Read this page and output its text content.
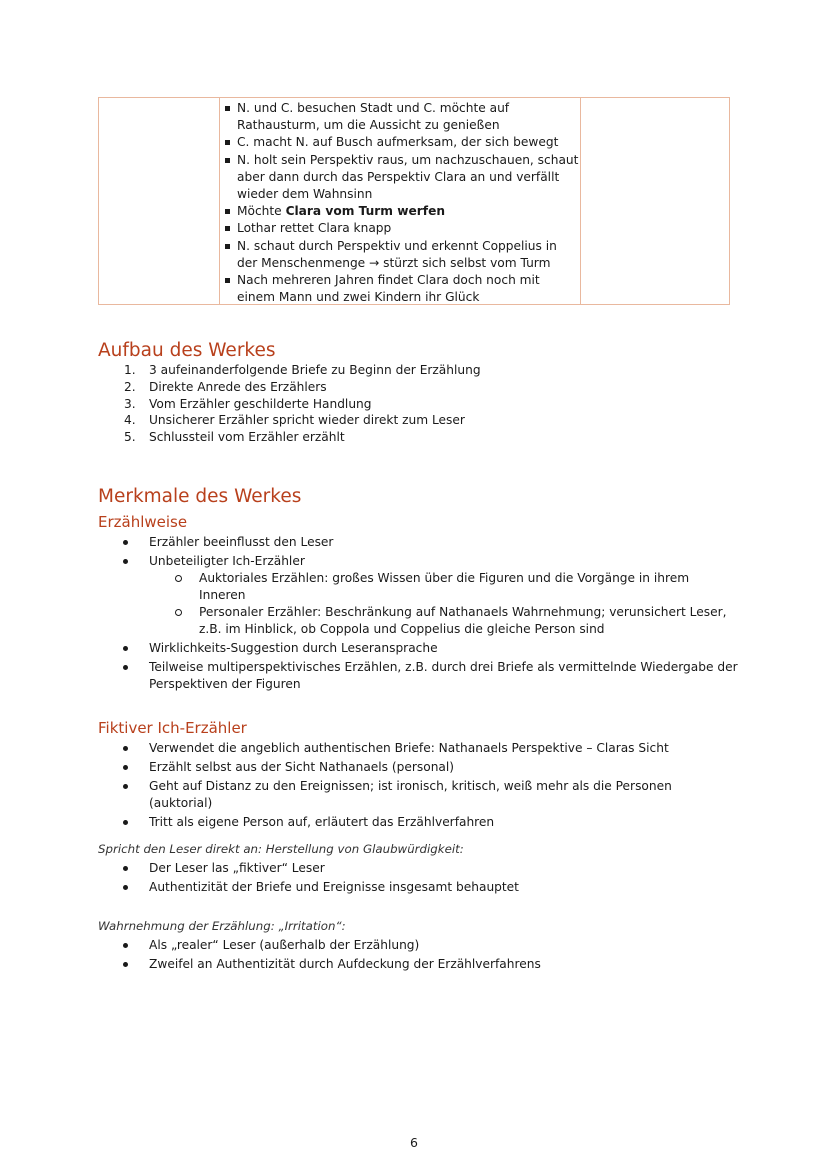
N. und C. besuchen Stadt und C. möchte auf Rathausturm, um die Aussicht zu genießen
C. macht N. auf Busch aufmerksam, der sich bewegt
N. holt sein Perspektiv raus, um nachzuschauen, schaut aber dann durch das Perspektiv Clara an und verfällt wieder dem Wahnsinn
Möchte Clara vom Turm werfen
Lothar rettet Clara knapp
N. schaut durch Perspektiv und erkennt Coppelius in der Menschenmenge → stürzt sich selbst vom Turm
Nach mehreren Jahren findet Clara doch noch mit einem Mann und zwei Kindern ihr Glück
Aufbau des Werkes
1. 3 aufeinanderfolgende Briefe zu Beginn der Erzählung
2. Direkte Anrede des Erzählers
3. Vom Erzähler geschilderte Handlung
4. Unsicherer Erzähler spricht wieder direkt zum Leser
5. Schlussteil vom Erzähler erzählt
Merkmale des Werkes
Erzählweise
Erzähler beeinflusst den Leser
Unbeteiligter Ich-Erzähler
Auktoriales Erzählen: großes Wissen über die Figuren und die Vorgänge in ihrem Inneren
Personaler Erzähler: Beschränkung auf Nathanaels Wahrnehmung; verunsichert Leser, z.B. im Hinblick, ob Coppola und Coppelius die gleiche Person sind
Wirklichkeits-Suggestion durch Leseransprache
Teilweise multiperspektivisches Erzählen, z.B. durch drei Briefe als vermittelnde Wiedergabe der Perspektiven der Figuren
Fiktiver Ich-Erzähler
Verwendet die angeblich authentischen Briefe: Nathanaels Perspektive – Claras Sicht
Erzählt selbst aus der Sicht Nathanaels (personal)
Geht auf Distanz zu den Ereignissen; ist ironisch, kritisch, weiß mehr als die Personen (auktorial)
Tritt als eigene Person auf, erläutert das Erzählverfahren

Spricht den Leser direkt an: Herstellung von Glaubwürdigkeit:

Der Leser las „fiktiver“ Leser
Authentizität der Briefe und Ereignisse insgesamt behauptet

Wahrnehmung der Erzählung: „Irritation“:

Als „realer“ Leser (außerhalb der Erzählung)
Zweifel an Authentizität durch Aufdeckung der Erzählverfahrens
6
